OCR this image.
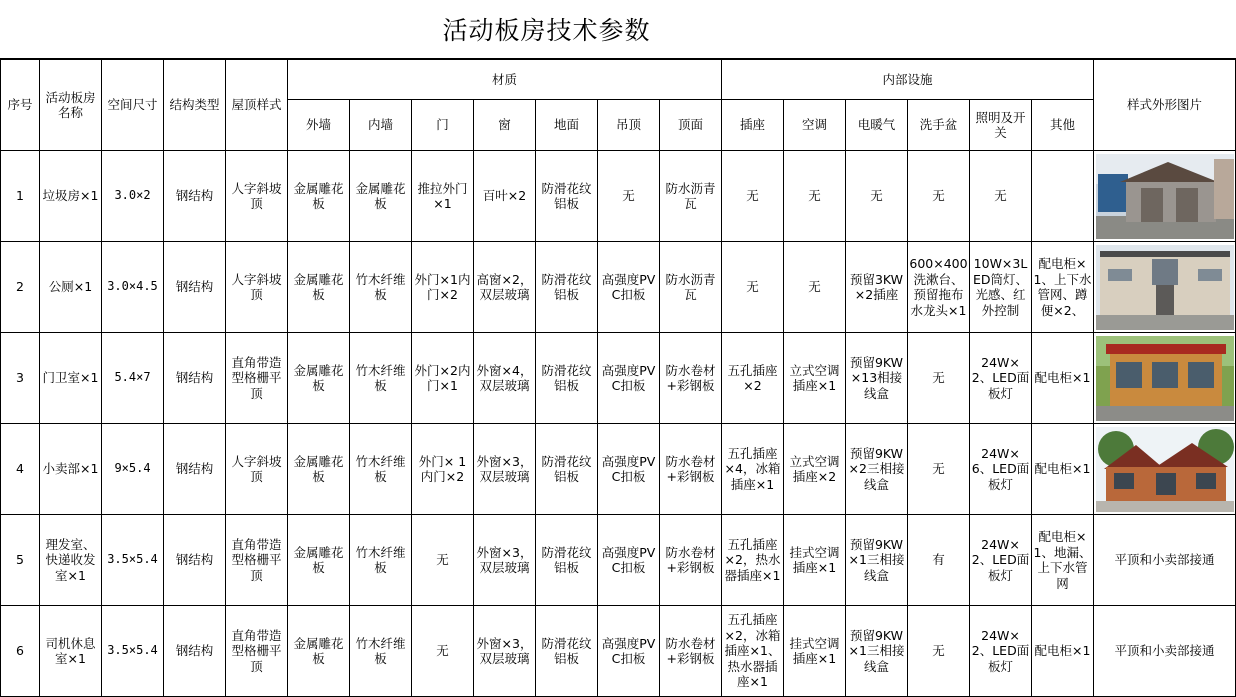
活动板房技术参数
序号	活动板房名称	空间尺寸	结构类型	屋顶样式	材质							内部设施						样式外形图片
					外墙	内墙	门	窗	地面	吊顶	顶面	插座	空调	电暖气	洗手盆	照明及开关	其他	
1	垃圾房×1	3.0×2	钢结构	人字斜坡顶	金属雕花板	金属雕花板	推拉外门×1	百叶×2	防滑花纹铝板	无	防水沥青瓦	无	无	无	无	无		

2	公厕×1	3.0×4.5	钢结构	人字斜坡顶	金属雕花板	竹木纤维板	外门×1内门×2	高窗×2，双层玻璃	防滑花纹铝板	高强度PVC扣板	防水沥青瓦	无	无	预留3KW×2插座	600×400洗漱台、预留拖布水龙头×1	10W×3LED筒灯、光感、红外控制	配电柜×1、上下水管网、蹲便×2、

3	门卫室×1	5.4×7	钢结构	直角带造型格栅平顶	金属雕花板	竹木纤维板	外门×2内门×1	外窗×4，双层玻璃	防滑花纹铝板	高强度PVC扣板	防水卷材+彩钢板	五孔插座×2	立式空调插座×1	预留9KW×13相接线盒	无	24W×2、LED面板灯	配电柜×1	

4	小卖部×1	9×5.4	钢结构	人字斜坡顶	金属雕花板	竹木纤维板	外门× 1内门×2	外窗×3，双层玻璃	防滑花纹铝板	高强度PVC扣板	防水卷材+彩钢板	五孔插座×4，冰箱插座×1	立式空调插座×2	预留9KW×2三相接线盒	无	24W×6、LED面板灯	配电柜×1	

5	理发室、快递收发室×1	3.5×5.4	钢结构	直角带造型格栅平顶	金属雕花板	竹木纤维板	无	外窗×3，双层玻璃	防滑花纹铝板	高强度PVC扣板	防水卷材+彩钢板	五孔插座×2，热水器插座×1	挂式空调插座×1	预留9KW×1三相接线盒	有	24W×2、LED面板灯	配电柜×1、地漏、上下水管网	平顶和小卖部接通
6	司机休息室×1	3.5×5.4	钢结构	直角带造型格栅平顶	金属雕花板	竹木纤维板	无	外窗×3，双层玻璃	防滑花纹铝板	高强度PVC扣板	防水卷材+彩钢板	五孔插座×2，冰箱插座×1、热水器插座×1	挂式空调插座×1	预留9KW×1三相接线盒	无	24W×2、LED面板灯	配电柜×1	平顶和小卖部接通
